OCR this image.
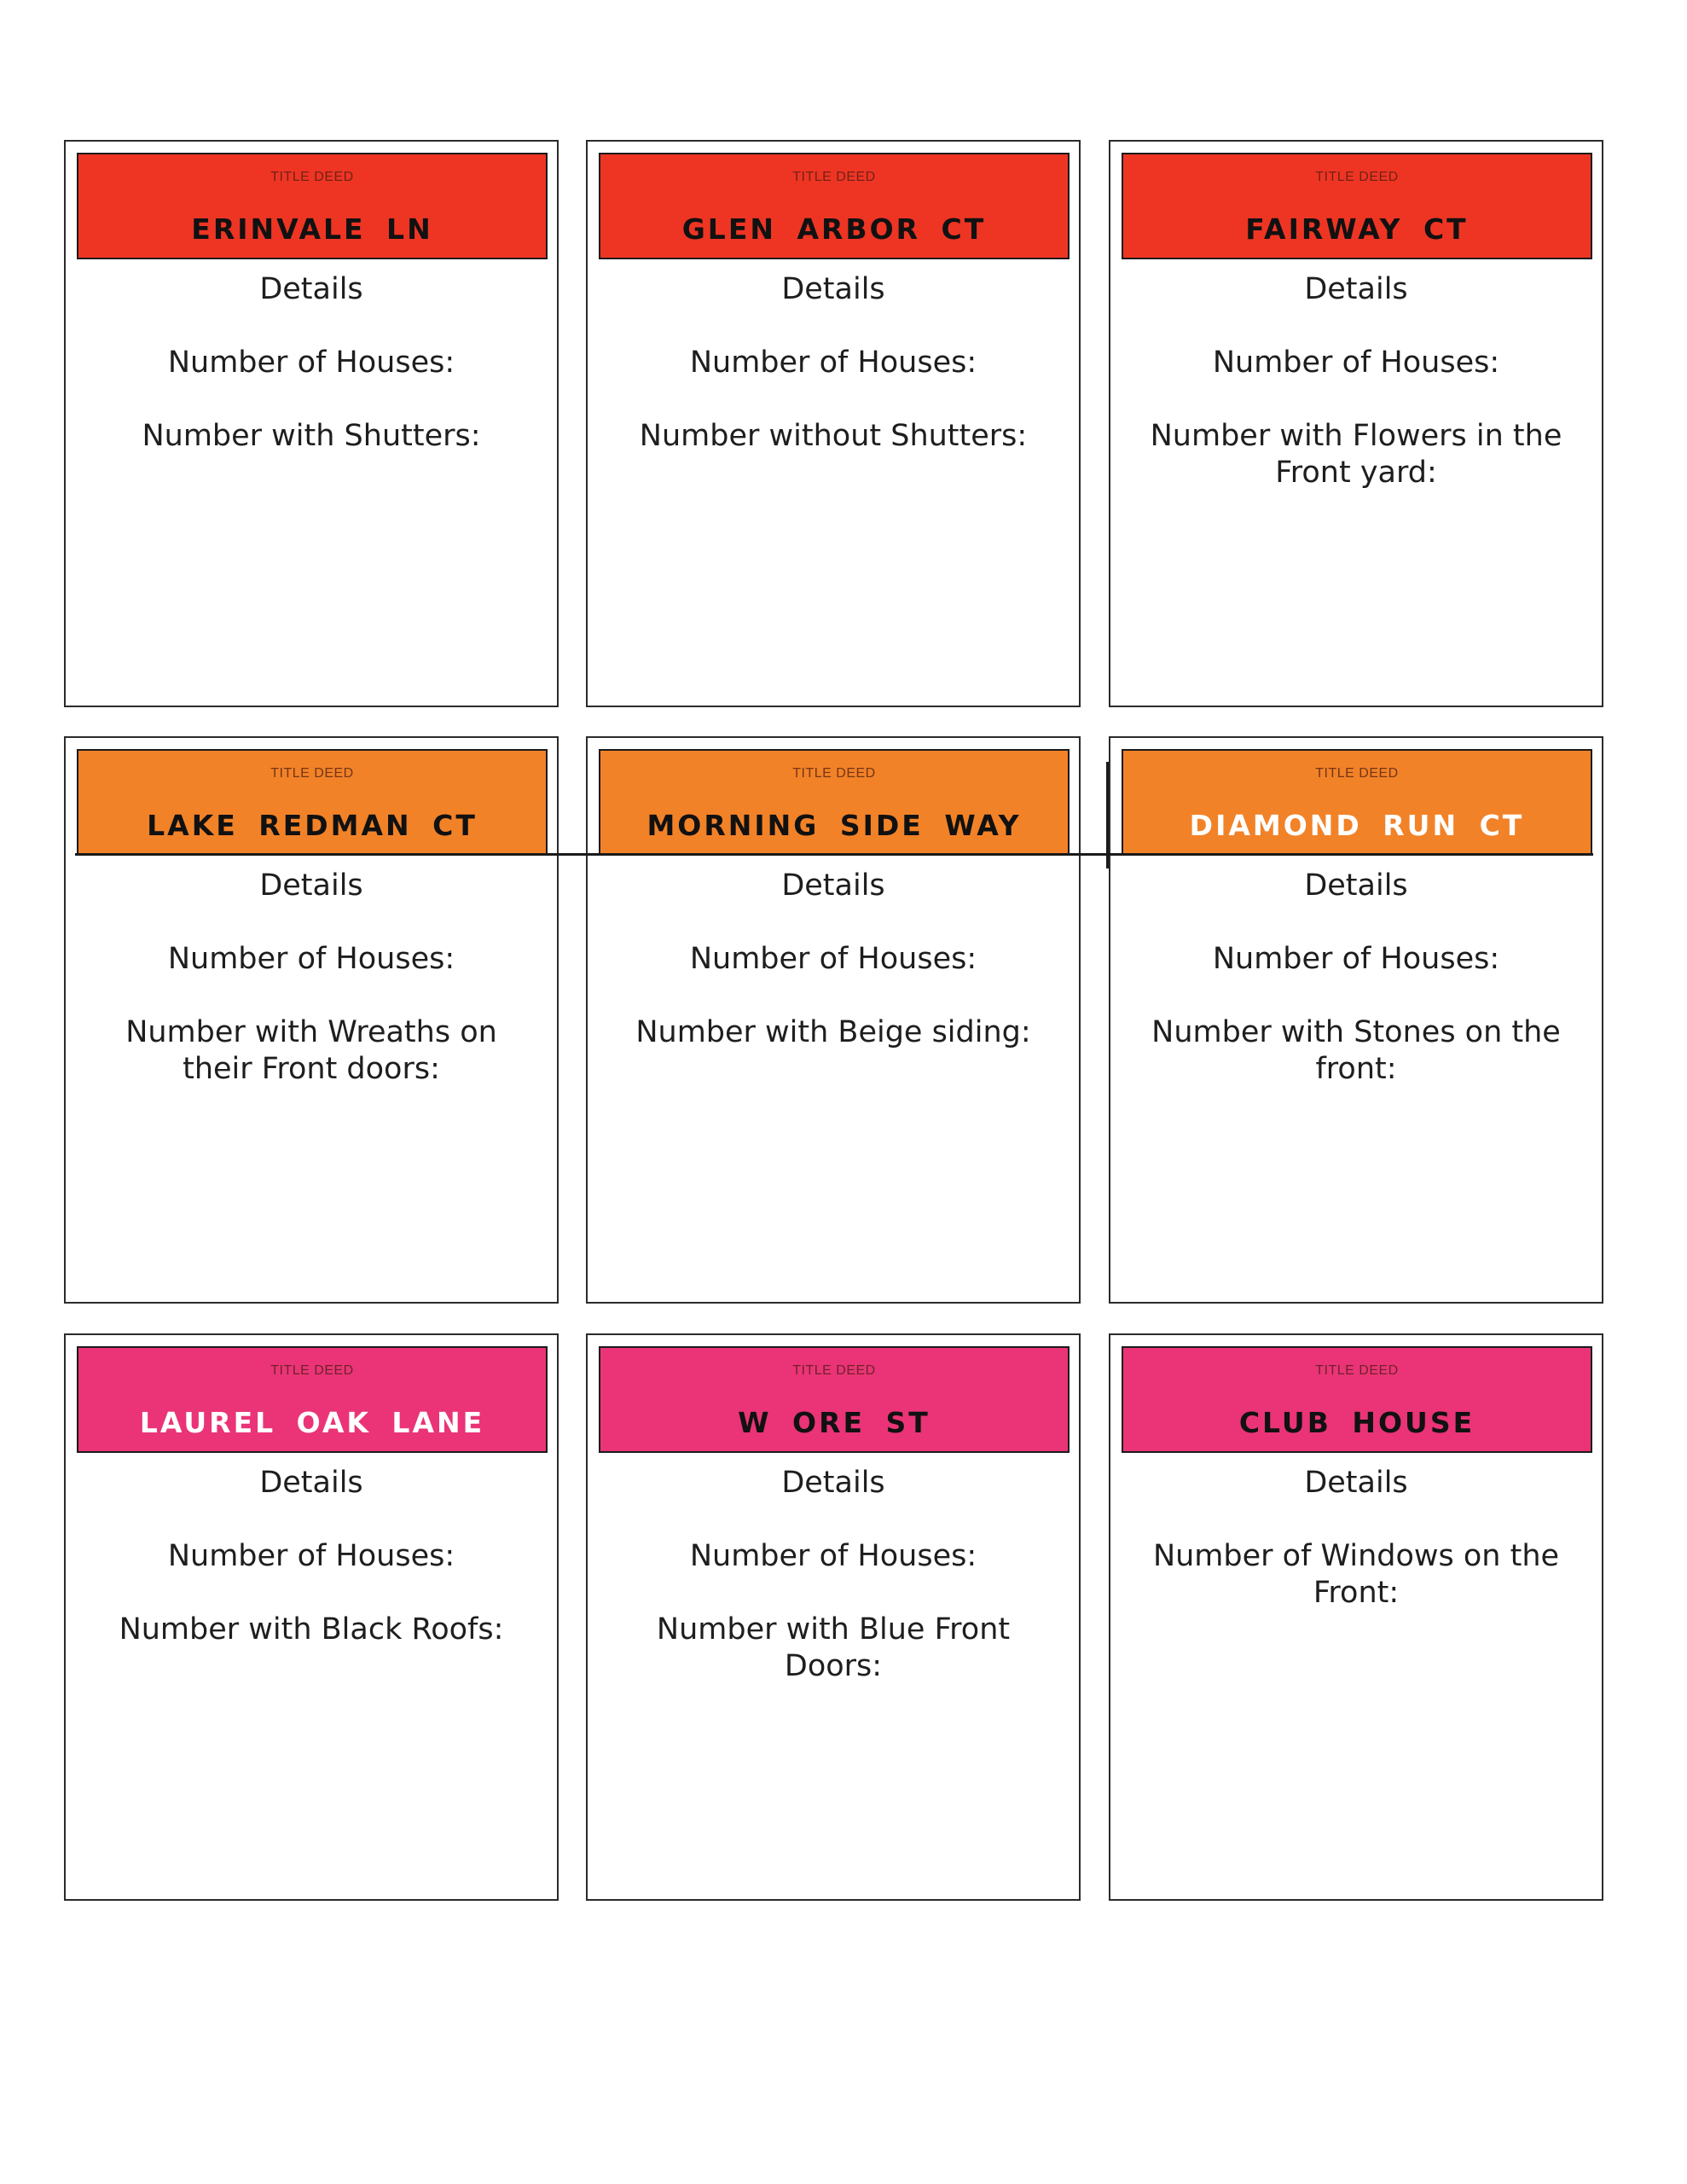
TITLE DEED
ERINVALE LN
Details
Number of Houses:
Number with Shutters:
TITLE DEED
GLEN ARBOR CT
Details
Number of Houses:
Number without Shutters:
TITLE DEED
FAIRWAY CT
Details
Number of Houses:
Number with Flowers in the Front yard:
TITLE DEED
LAKE REDMAN CT
Details
Number of Houses:
Number with Wreaths on their Front doors:
TITLE DEED
MORNING SIDE WAY
Details
Number of Houses:
Number with Beige siding:
TITLE DEED
DIAMOND RUN CT
Details
Number of Houses:
Number with Stones on the front:
TITLE DEED
LAUREL OAK LANE
Details
Number of Houses:
Number with Black Roofs:
TITLE DEED
W ORE ST
Details
Number of Houses:
Number with Blue Front Doors:
TITLE DEED
CLUB HOUSE
Details
Number of Windows on the Front:
